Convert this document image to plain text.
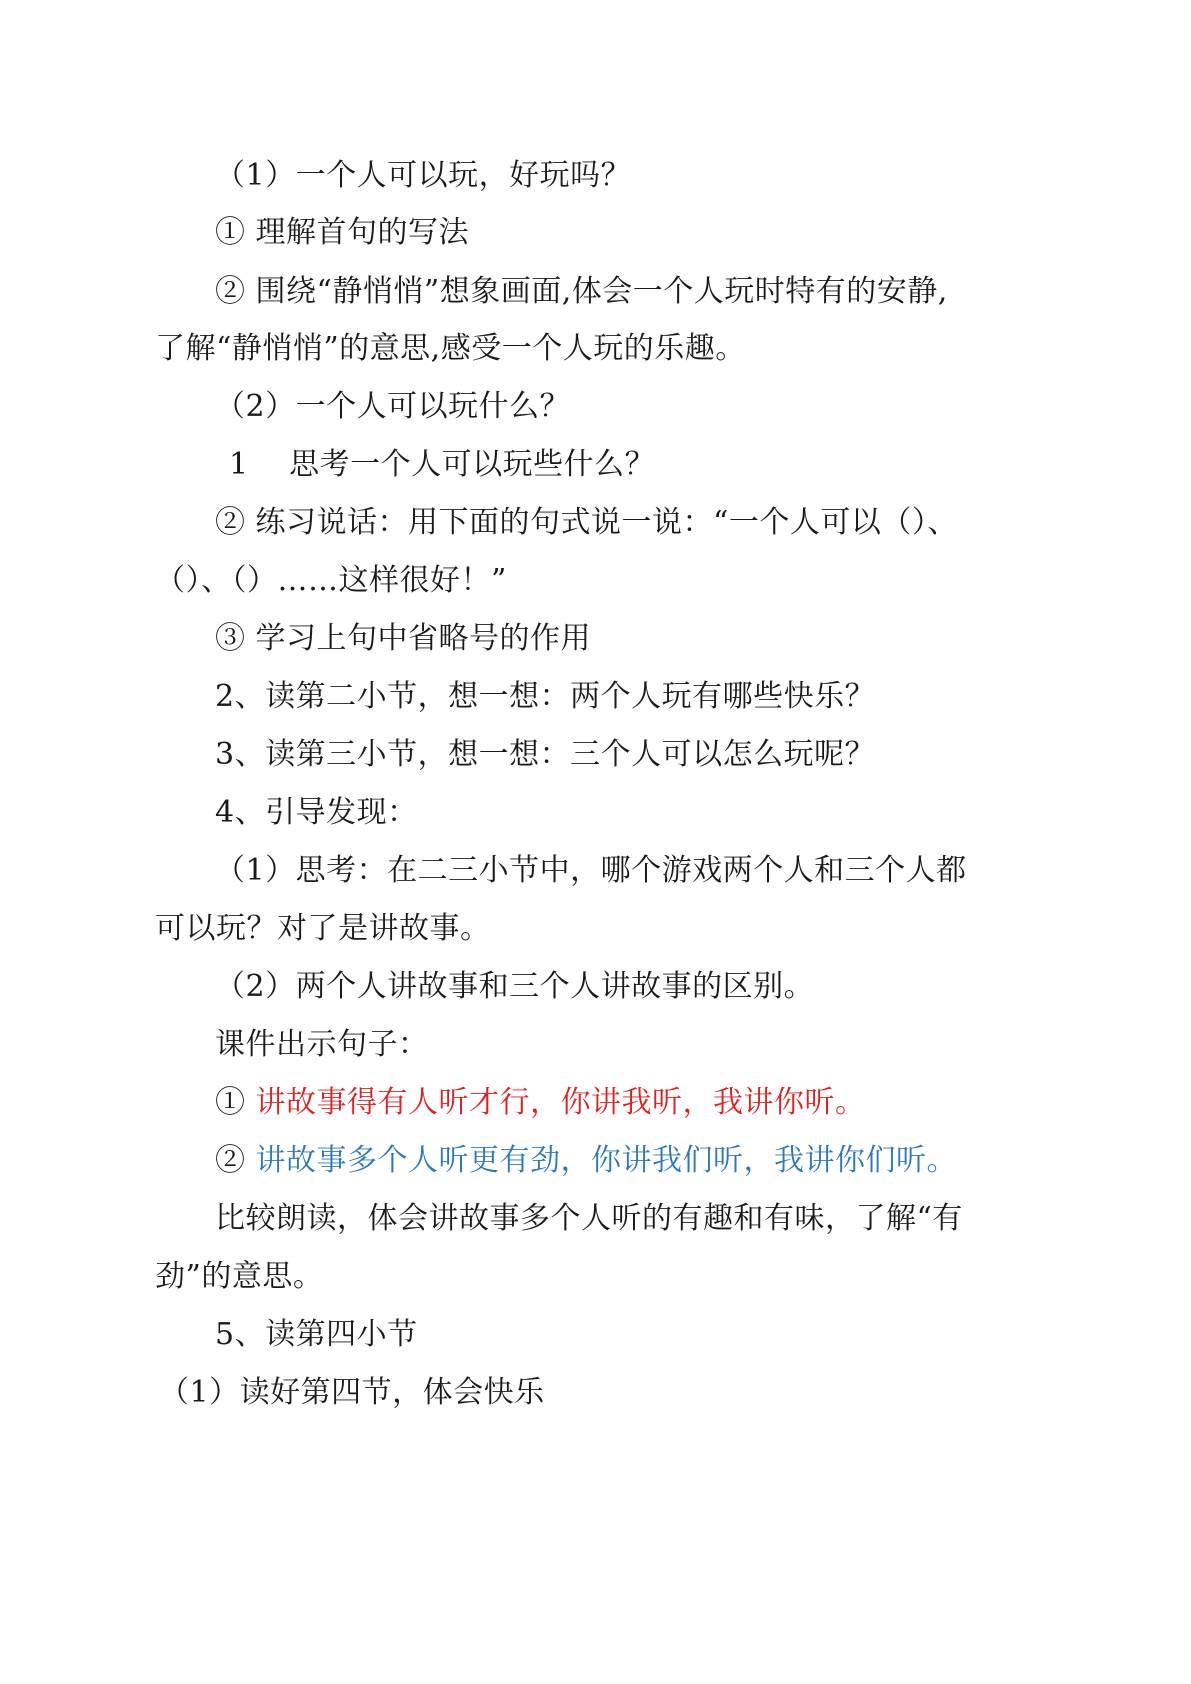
（1）一个人可以玩，好玩吗？
① 理解首句的写法
② 围绕“静悄悄”想象画面,体会一个人玩时特有的安静,
了解“静悄悄”的意思,感受一个人玩的乐趣。
（2）一个人可以玩什么？
1　 思考一个人可以玩些什么？
② 练习说话：用下面的句式说一说：“一个人可以（）、
（）、（）……这样很好！”
③ 学习上句中省略号的作用
2、读第二小节，想一想：两个人玩有哪些快乐？
3、读第三小节，想一想：三个人可以怎么玩呢？
4、引导发现：
（1）思考：在二三小节中，哪个游戏两个人和三个人都
可以玩？对了是讲故事。
（2）两个人讲故事和三个人讲故事的区别。
课件出示句子：
① 讲故事得有人听才行，你讲我听，我讲你听。
② 讲故事多个人听更有劲，你讲我们听，我讲你们听。
比较朗读，体会讲故事多个人听的有趣和有味，了解“有
劲”的意思。
5、读第四小节
（1）读好第四节，体会快乐
